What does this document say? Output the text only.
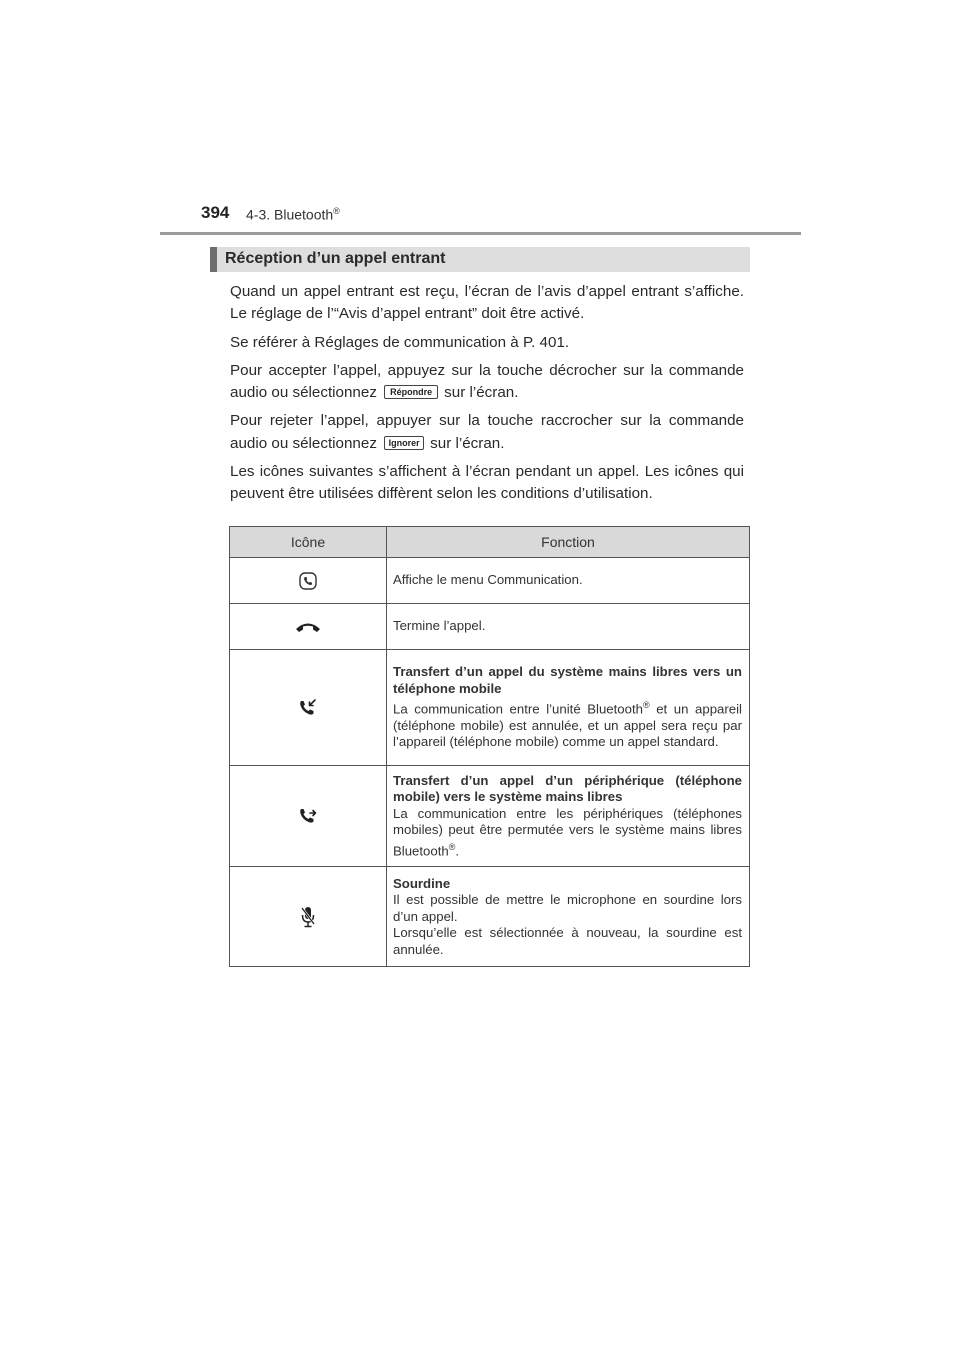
394 4-3. Bluetooth®
Réception d’un appel entrant

Quand un appel entrant est reçu, l’écran de l’avis d’appel entrant s’affiche. Le réglage de l’“Avis d’appel entrant” doit être activé.

Se référer à Réglages de communication à P. 401.

Pour accepter l’appel, appuyez sur la touche décrocher sur la commande audio ou sélectionnez Répondre sur l’écran.

Pour rejeter l’appel, appuyer sur la touche raccrocher sur la commande audio ou sélectionnez Ignorer sur l’écran.

Les icônes suivantes s’affichent à l’écran pendant un appel. Les icônes qui peuvent être utilisées diffèrent selon les conditions d’utilisation.

Icône	Fonction

	Affiche le menu Communication.

	Termine l’appel.

	Transfert d’un appel du système mains libres vers un téléphone mobile
La communication entre l’unité Bluetooth® et un appareil (téléphone mobile) est annulée, et un appel sera reçu par l’appareil (téléphone mobile) comme un appel standard.

	Transfert d’un appel d’un périphérique (téléphone mobile) vers le système mains libres
La communication entre les périphériques (téléphones mobiles) peut être permutée vers le système mains libres Bluetooth®.

	Sourdine
Il est possible de mettre le microphone en sourdine lors d’un appel.
Lorsqu’elle est sélectionnée à nouveau, la sourdine est annulée.
